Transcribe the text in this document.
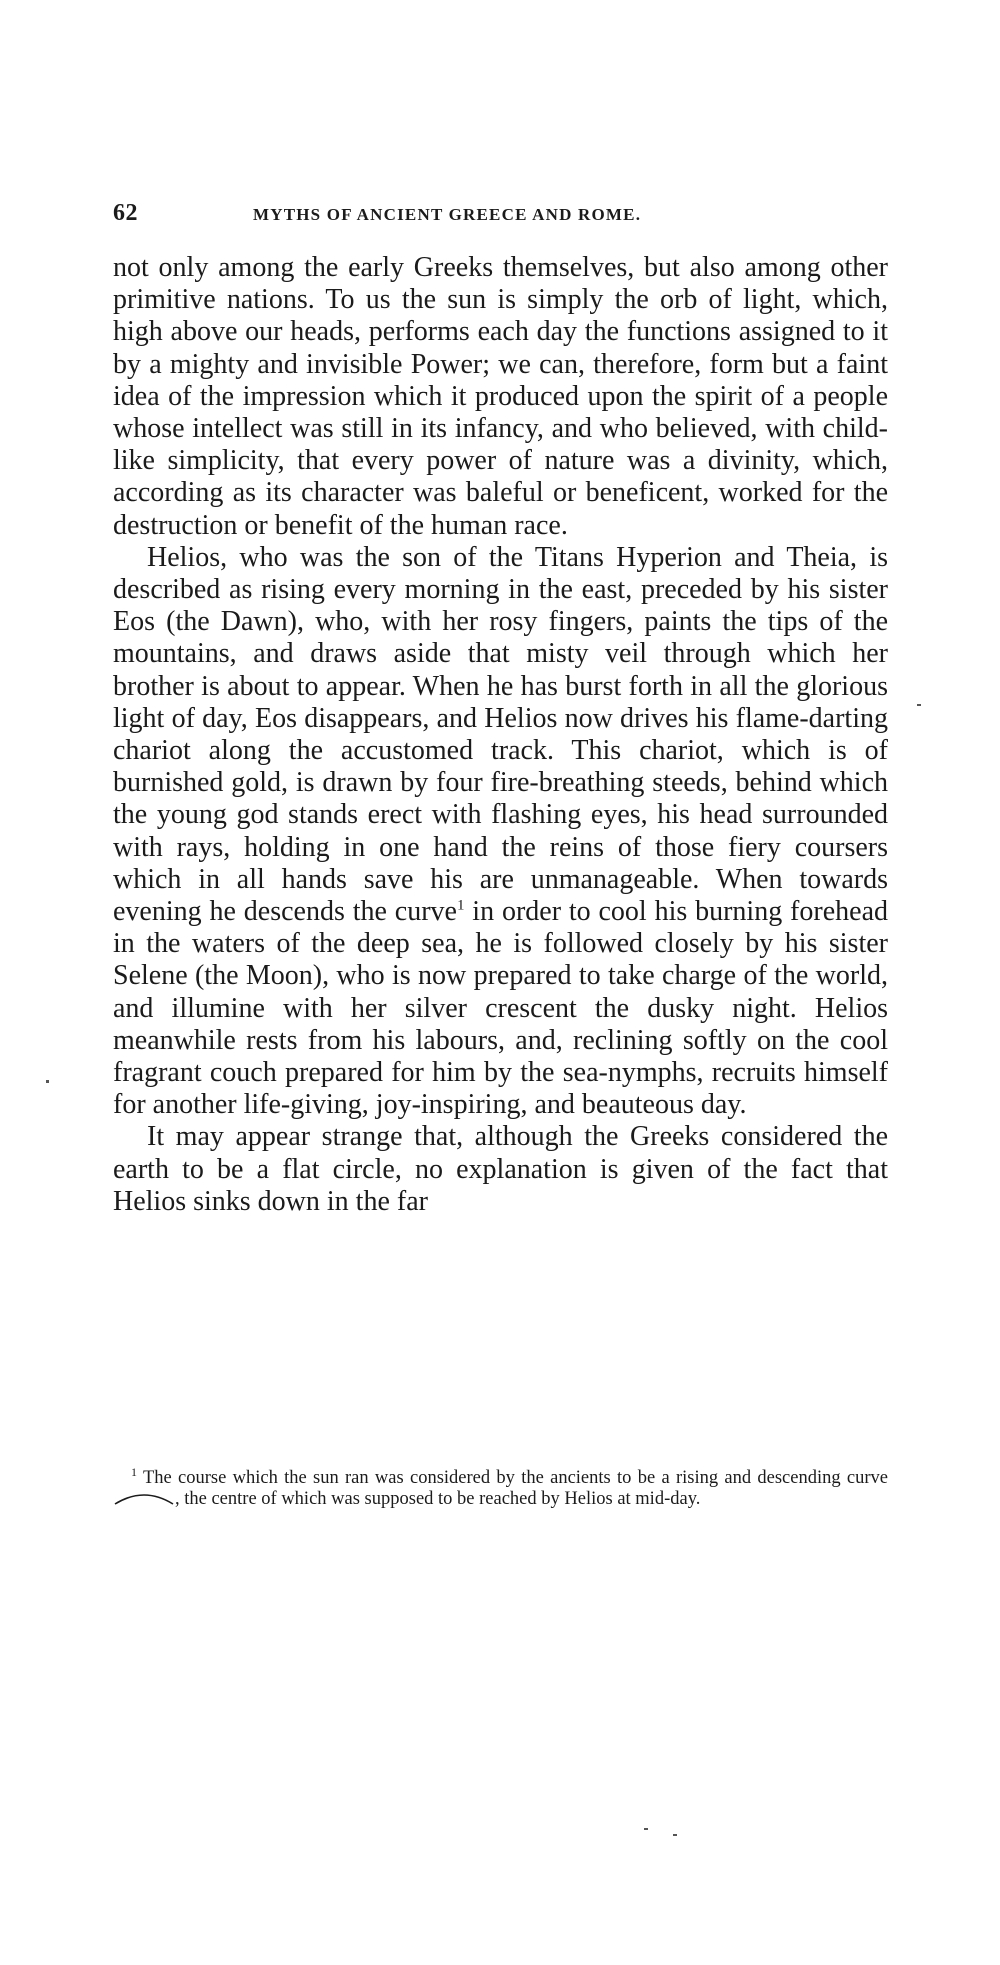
62	MYTHS OF ANCIENT GREECE AND ROME.

not only among the early Greeks themselves, but also among other primitive nations. To us the sun is simply the orb of light, which, high above our heads, performs each day the functions assigned to it by a mighty and invisible Power; we can, therefore, form but a faint idea of the impression which it produced upon the spirit of a people whose intellect was still in its infancy, and who believed, with child-like simplicity, that every power of nature was a divinity, which, according as its character was baleful or beneficent, worked for the destruction or benefit of the human race.

Helios, who was the son of the Titans Hyperion and Theia, is described as rising every morning in the east, preceded by his sister Eos (the Dawn), who, with her rosy fingers, paints the tips of the mountains, and draws aside that misty veil through which her brother is about to appear. When he has burst forth in all the glorious light of day, Eos disappears, and Helios now drives his flame-darting chariot along the accustomed track. This chariot, which is of burnished gold, is drawn by four fire-breathing steeds, behind which the young god stands erect with flashing eyes, his head surrounded with rays, holding in one hand the reins of those fiery coursers which in all hands save his are unmanageable. When towards evening he descends the curve$^1$ in order to cool his burning forehead in the waters of the deep sea, he is followed closely by his sister Selene (the Moon), who is now prepared to take charge of the world, and illumine with her silver crescent the dusky night. Helios meanwhile rests from his labours, and, reclining softly on the cool fragrant couch prepared for him by the sea-nymphs, recruits himself for another life-giving, joy-inspiring, and beauteous day.

It may appear strange that, although the Greeks considered the earth to be a flat circle, no explanation is given of the fact that Helios sinks down in the far

$^1$ The course which the sun ran was considered by the ancients to be a rising and descending curve , the centre of which was supposed to be reached by Helios at mid-day.
